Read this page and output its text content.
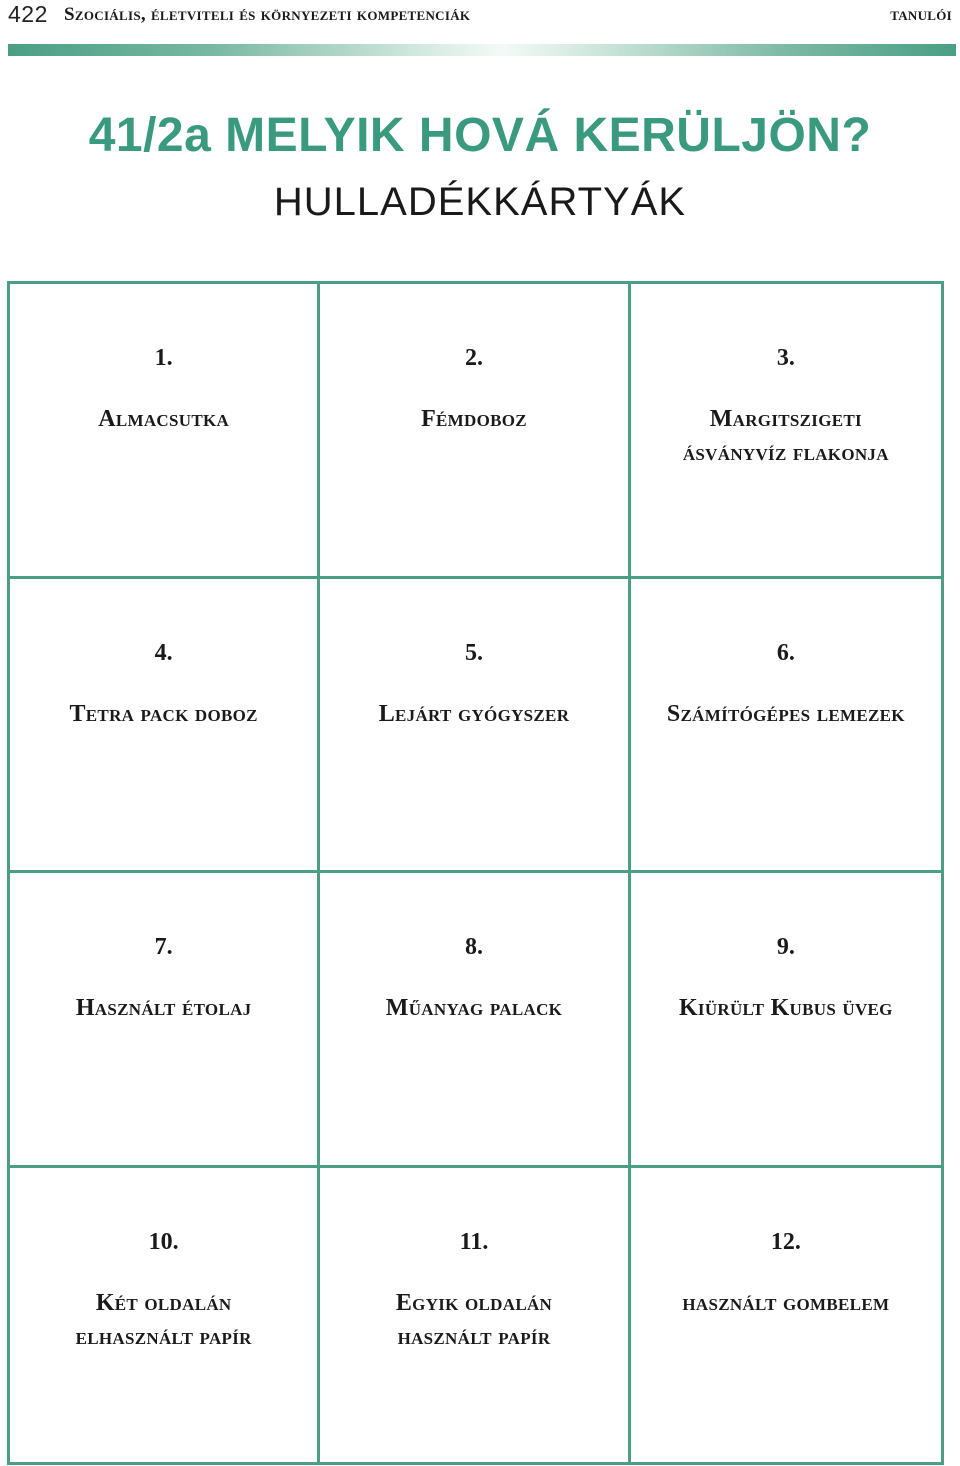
422 Szociális, életviteli és környezeti kompetenciák	tanulói
41/2a MELYIK HOVÁ KERÜLJÖN?
HULLADÉKKÁRTYÁK
1.
Almacsutka
2.
Fémdoboz
3.
Margitszigeti
ásványvíz flakonja
4.
Tetra pack doboz
5.
Lejárt gyógyszer
6.
Számítógépes lemezek
7.
Használt étolaj
8.
Műanyag palack
9.
Kiürült Kubus üveg
10.
Két oldalán
elhasznált papír
11.
Egyik oldalán
használt papír
12.
használt gombelem
